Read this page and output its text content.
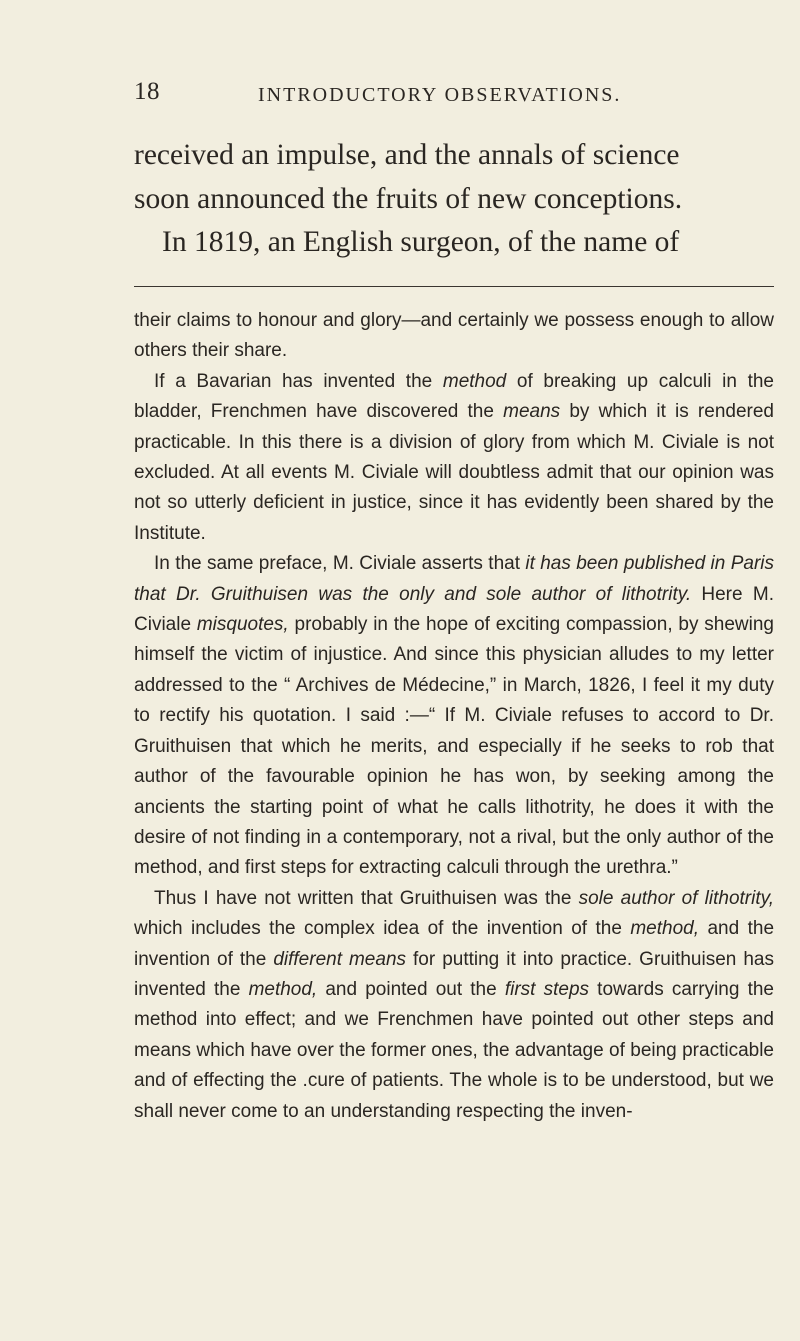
18	INTRODUCTORY OBSERVATIONS.

received an impulse, and the annals of science

soon announced the fruits of new conceptions.

In 1819, an English surgeon, of the name of

their claims to honour and glory—and certainly we possess enough to allow others their share.

If a Bavarian has invented the method of breaking up calculi in the bladder, Frenchmen have discovered the means by which it is rendered practicable. In this there is a division of glory from which M. Civiale is not excluded. At all events M. Civiale will doubtless admit that our opinion was not so utterly deficient in justice, since it has evidently been shared by the Institute.

In the same preface, M. Civiale asserts that it has been published in Paris that Dr. Gruithuisen was the only and sole author of lithotrity. Here M. Civiale misquotes, probably in the hope of exciting compassion, by shewing himself the victim of injustice. And since this physician alludes to my letter addressed to the “ Archives de Médecine,” in March, 1826, I feel it my duty to rectify his quotation. I said :—“ If M. Civiale refuses to accord to Dr. Gruithuisen that which he merits, and especially if he seeks to rob that author of the favourable opinion he has won, by seeking among the ancients the starting point of what he calls lithotrity, he does it with the desire of not finding in a contemporary, not a rival, but the only author of the method, and first steps for extracting calculi through the urethra.”

Thus I have not written that Gruithuisen was the sole author of lithotrity, which includes the complex idea of the invention of the method, and the invention of the different means for putting it into practice. Gruithuisen has invented the method, and pointed out the first steps towards carrying the method into effect; and we Frenchmen have pointed out other steps and means which have over the former ones, the advantage of being practicable and of effecting the .cure of patients. The whole is to be understood, but we shall never come to an understanding respecting the inven-
